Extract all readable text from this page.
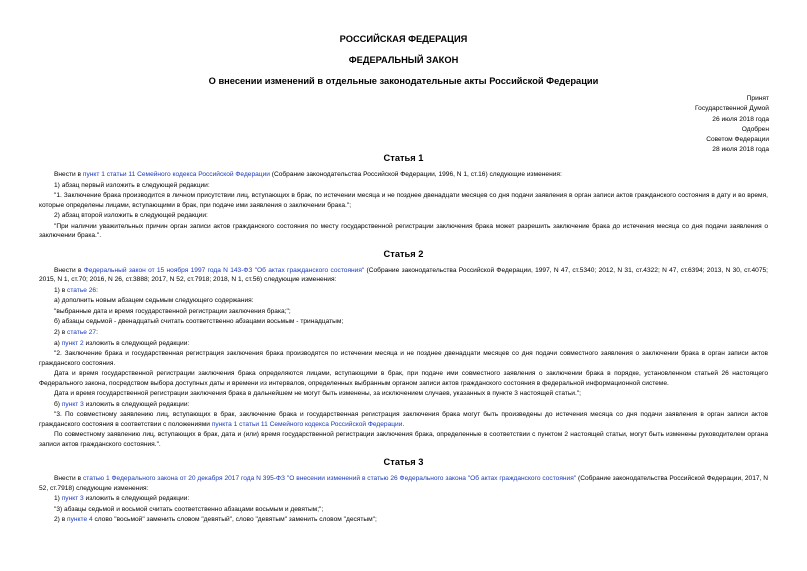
РОССИЙСКАЯ ФЕДЕРАЦИЯ
ФЕДЕРАЛЬНЫЙ ЗАКОН
О внесении изменений в отдельные законодательные акты Российской Федерации
Принят
Государственной Думой
26 июля 2018 года
Одобрен
Советом Федерации
28 июля 2018 года
Статья 1

Внести в пункт 1 статьи 11 Семейного кодекса Российской Федерации (Собрание законодательства Российской Федерации, 1996, N 1, ст.16) следующие изменения:

1) абзац первый изложить в следующей редакции:

"1. Заключение брака производится в личном присутствии лиц, вступающих в брак, по истечении месяца и не позднее двенадцати месяцев со дня подачи заявления в орган записи актов гражданского состояния в дату и во время, которые определены лицами, вступающими в брак, при подаче ими заявления о заключении брака.";

2) абзац второй изложить в следующей редакции:

"При наличии уважительных причин орган записи актов гражданского состояния по месту государственной регистрации заключения брака может разрешить заключение брака до истечения месяца со дня подачи заявления о заключении брака.".

Статья 2

Внести в Федеральный закон от 15 ноября 1997 года N 143-ФЗ "Об актах гражданского состояния" (Собрание законодательства Российской Федерации, 1997, N 47, ст.5340; 2012, N 31, ст.4322; N 47, ст.6394; 2013, N 30, ст.4075; 2015, N 1, ст.70; 2016, N 26, ст.3888; 2017, N 52, ст.7918; 2018, N 1, ст.56) следующие изменения:

1) в статье 26:

а) дополнить новым абзацем седьмым следующего содержания:

"выбранные дата и время государственной регистрации заключения брака;";

б) абзацы седьмой - двенадцатый считать соответственно абзацами восьмым - тринадцатым;

2) в статье 27:

а) пункт 2 изложить в следующей редакции:

"2. Заключение брака и государственная регистрация заключения брака производятся по истечении месяца и не позднее двенадцати месяцев со дня подачи совместного заявления о заключении брака в орган записи актов гражданского состояния.

Дата и время государственной регистрации заключения брака определяются лицами, вступающими в брак, при подаче ими совместного заявления о заключении брака в порядке, установленном статьей 26 настоящего Федерального закона, посредством выбора доступных даты и времени из интервалов, определенных выбранным органом записи актов гражданского состояния в федеральной информационной системе.

Дата и время государственной регистрации заключения брака в дальнейшем не могут быть изменены, за исключением случаев, указанных в пункте 3 настоящей статьи.";

б) пункт 3 изложить в следующей редакции:

"3. По совместному заявлению лиц, вступающих в брак, заключение брака и государственная регистрация заключения брака могут быть произведены до истечения месяца со дня подачи заявления в орган записи актов гражданского состояния в соответствии с положениями пункта 1 статьи 11 Семейного кодекса Российской Федерации.

По совместному заявлению лиц, вступающих в брак, дата и (или) время государственной регистрации заключения брака, определенные в соответствии с пунктом 2 настоящей статьи, могут быть изменены руководителем органа записи актов гражданского состояния.".

Статья 3

Внести в статью 1 Федерального закона от 20 декабря 2017 года N 395-ФЗ "О внесении изменений в статью 26 Федерального закона "Об актах гражданского состояния" (Собрание законодательства Российской Федерации, 2017, N 52, ст.7918) следующие изменения:

1) пункт 3 изложить в следующей редакции:

"3) абзацы седьмой и восьмой считать соответственно абзацами восьмым и девятым;";

2) в пункте 4 слово "восьмой" заменить словом "девятый", слово "девятым" заменить словом "десятым";
